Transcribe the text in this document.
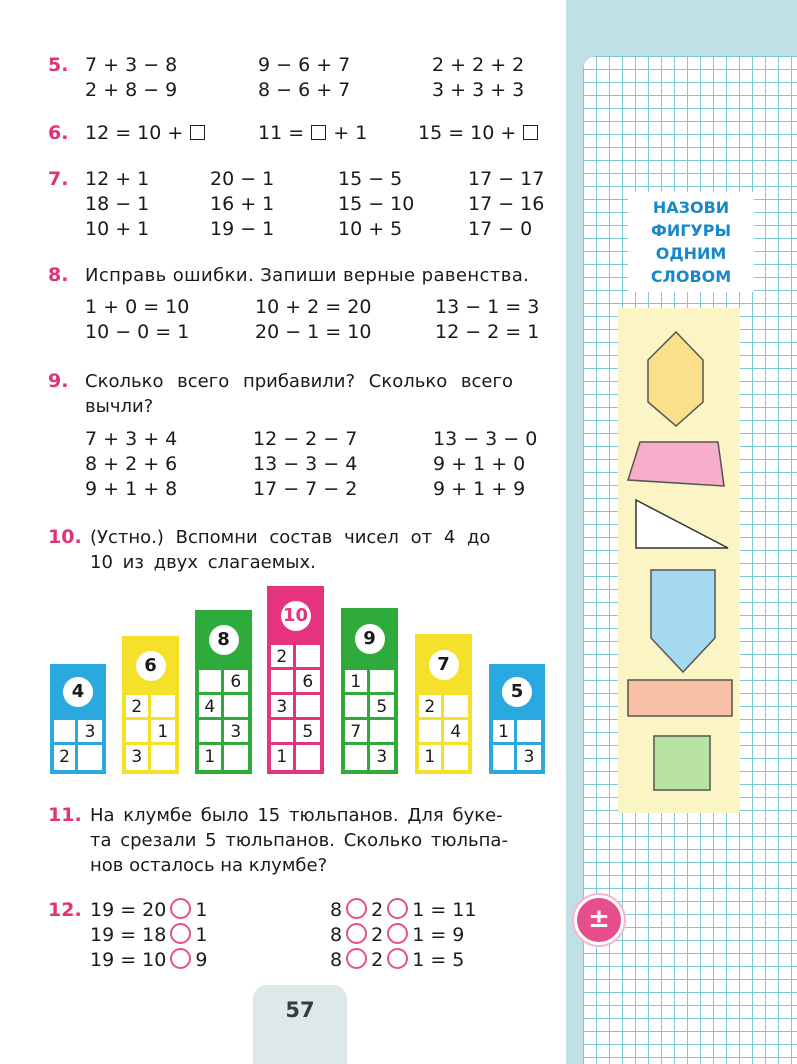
5. 7 + 3 − 8
2 + 8 − 9
9 − 6 + 7
8 − 6 + 7
2 + 2 + 2
3 + 3 + 3
6. 12 = 10 +	11 = + 1	15 = 10 +
7. 12 + 1
18 − 1
10 + 1
20 − 1
16 + 1
19 − 1
15 − 5
15 − 10
10 + 5
17 − 17
17 − 16
17 − 0
8. Исправь ошибки. Запиши верные равенства.
1 + 0 = 10
10 − 0 = 1
10 + 2 = 20
20 − 1 = 10
13 − 1 = 3
12 − 2 = 1
9. Сколько всего прибавили? Сколько всего
вычли?
7 + 3 + 4
8 + 2 + 6
9 + 1 + 8
12 − 2 − 7
13 − 3 − 4
17 − 7 − 2
13 − 3 − 0
9 + 1 + 0
9 + 1 + 9
10. (Устно.) Вспомни состав чисел от 4 до
10 из двух слагаемых.
4
3
2
6
2
1
3
8
6
4
3
1
10
2
6
3
5
1
9
1
5
7
3
7
2
4
1
5
1
3
11. На клумбе было 15 тюльпанов. Для буке-
та срезали 5 тюльпанов. Сколько тюльпа-
нов осталось на клумбе?
12. 19 = 20 1
19 = 18 1
19 = 10 9
8 2 1 = 11
8 2 1 = 9
8 2 1 = 5
57
НАЗОВИ
ФИГУРЫ
ОДНИМ
СЛОВОМ
±
